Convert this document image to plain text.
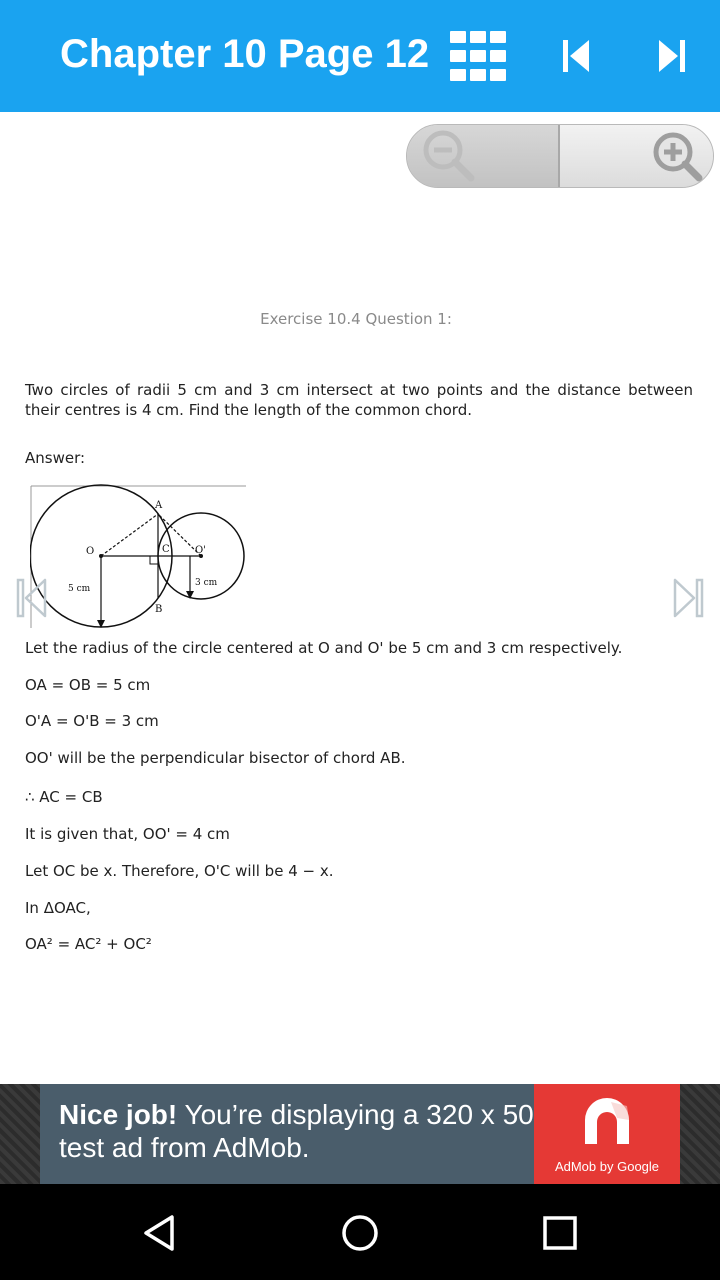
Chapter 10 Page 12
Exercise 10.4 Question 1:
Two circles of radii 5 cm and 3 cm intersect at two points and the distance between their centres is 4 cm. Find the length of the common chord.
Answer:
A
B
C
O	O'
5 cm
3 cm
Let the radius of the circle centered at O and O' be 5 cm and 3 cm respectively.
OA = OB = 5 cm
O'A = O'B = 3 cm
OO' will be the perpendicular bisector of chord AB.
∴ AC = CB
It is given that, OO' = 4 cm
Let OC be x. Therefore, O'C will be 4 − x.
In ΔOAC,
OA² = AC² + OC²
Nice job! You’re displaying a 320 x 50 test ad from AdMob.
AdMob by Google
